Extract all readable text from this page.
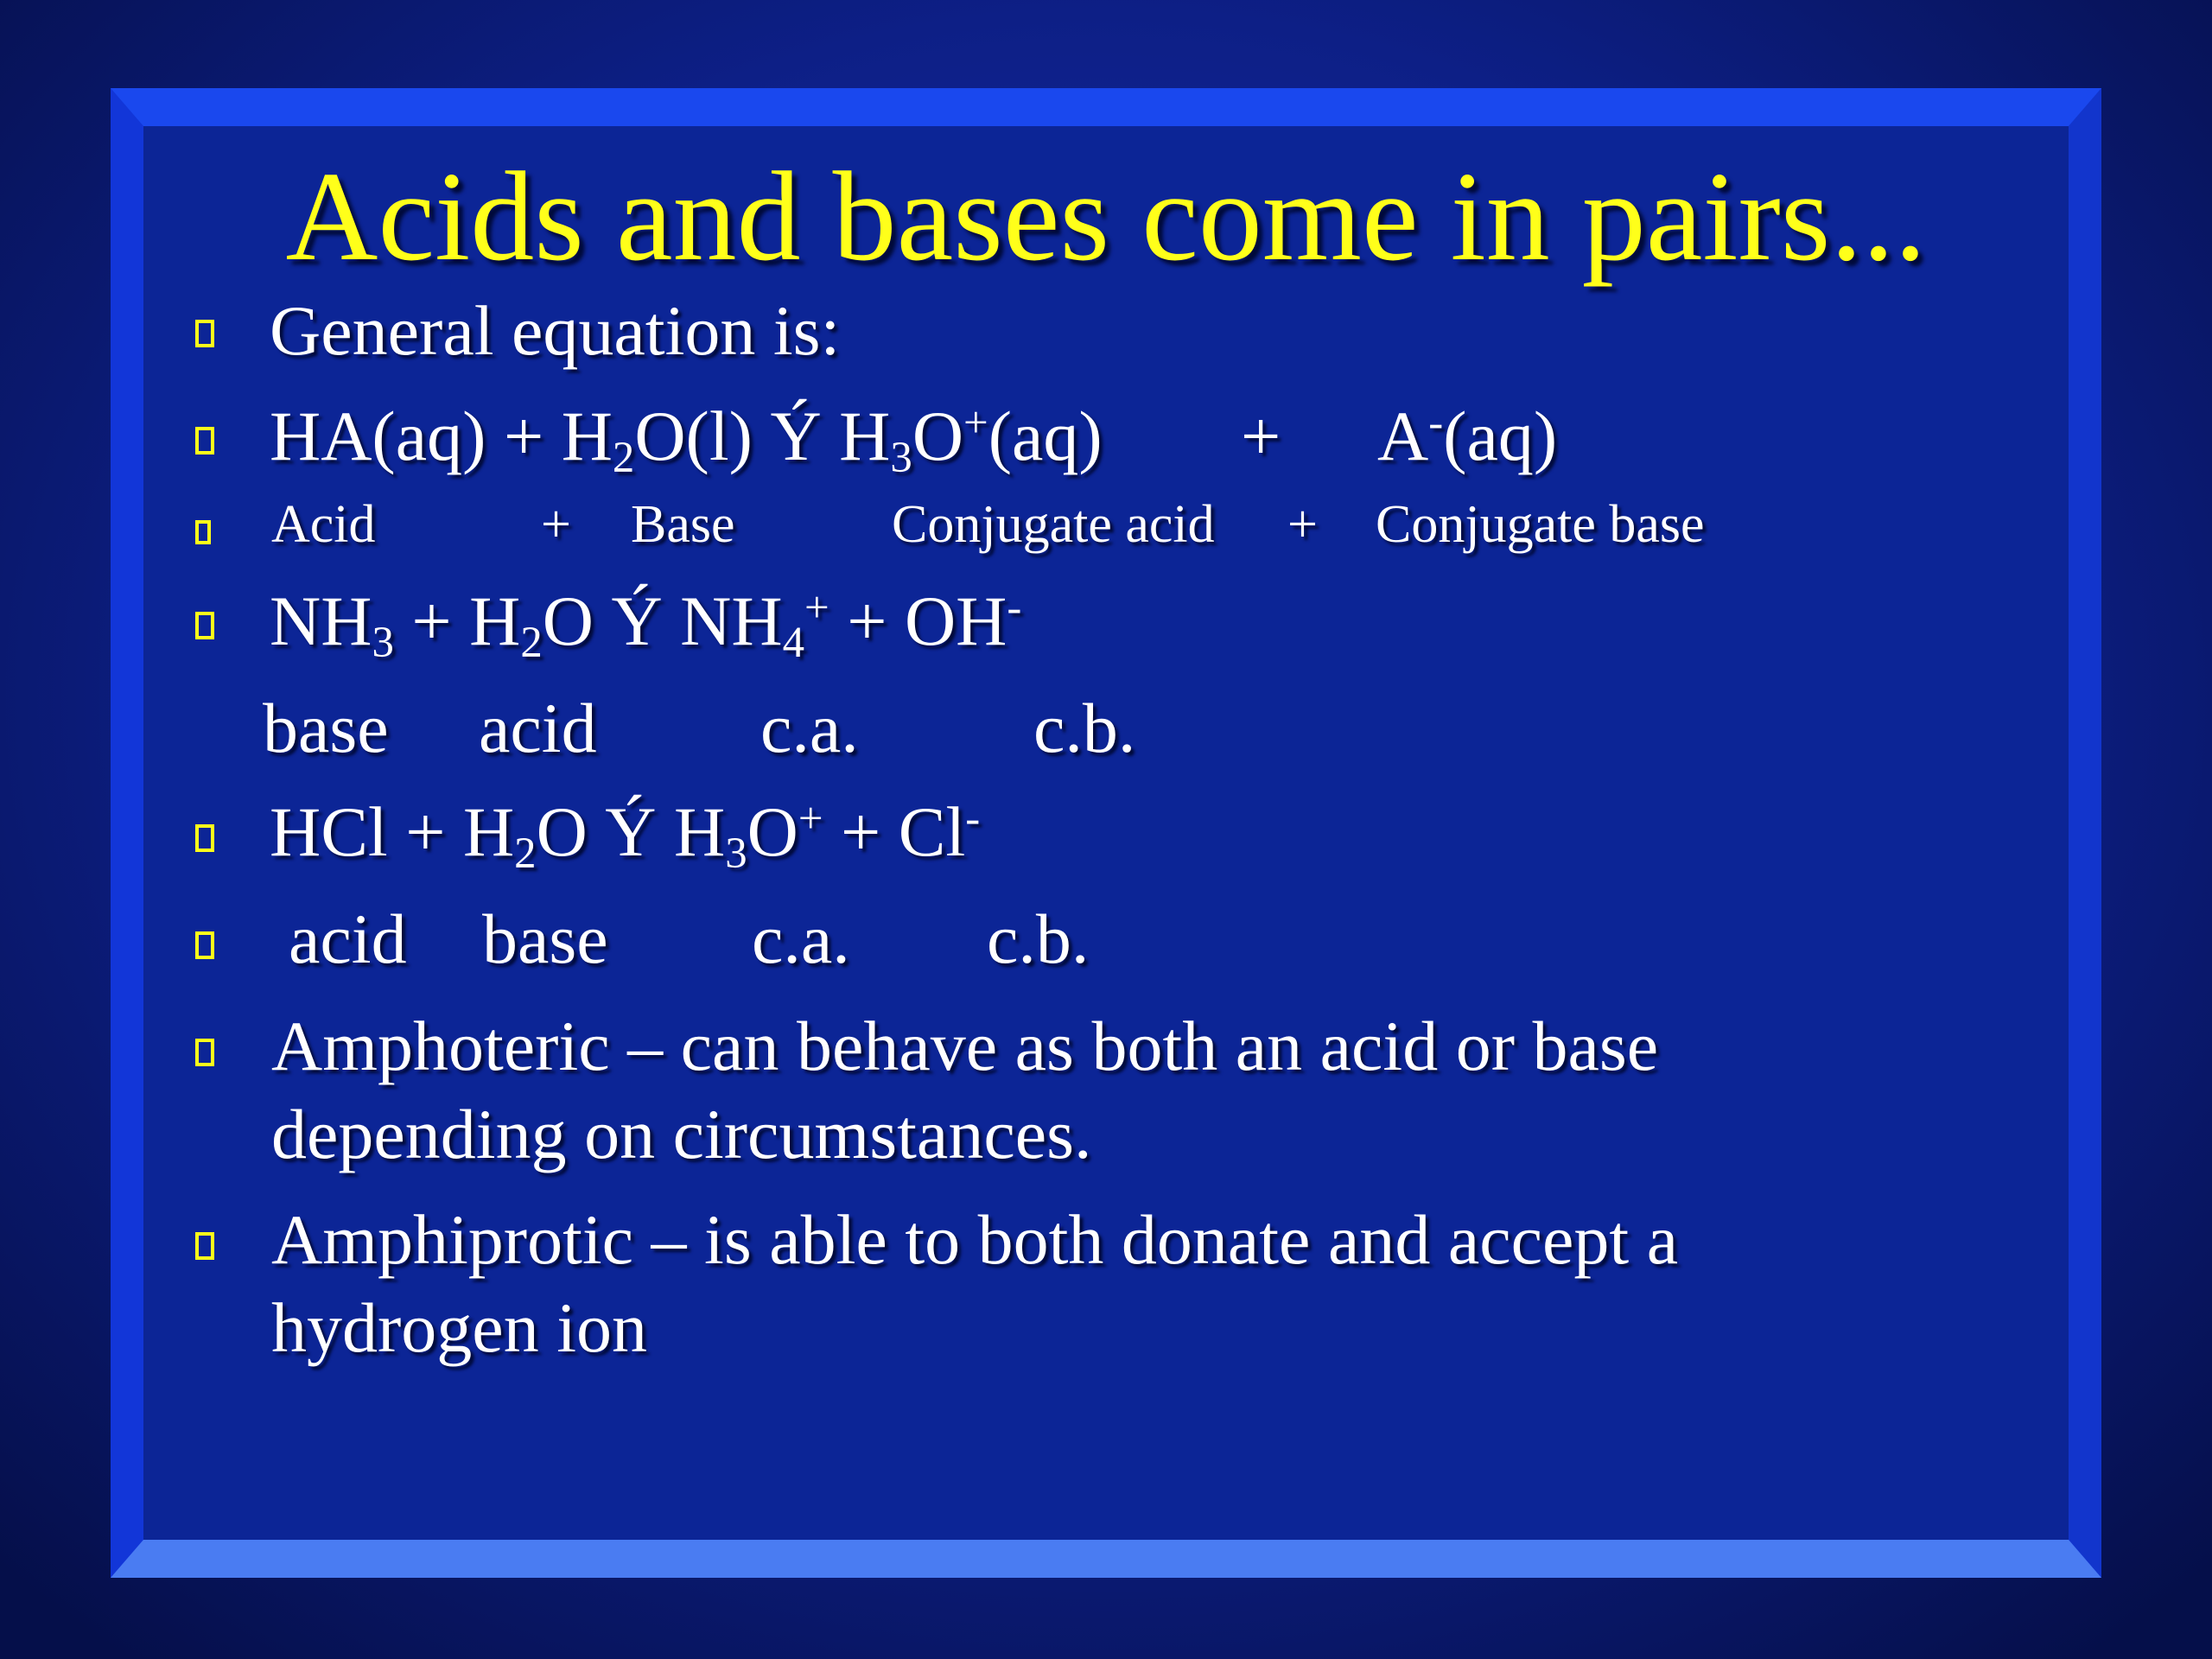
Acids and bases come in pairs...
General equation is:
$HA(aq) + H_2O(l)$ Ý $H_3O^+(aq) + A^-(aq)$
Acid	+ Base	Conjugate acid + Conjugate base
$NH_3 + H_2O$ Ý $NH_4^+ + OH^-$
base acid c.a. c.b.
HCl + $H_2O$ Ý $H_3O^+ + Cl^-$
acid base c.a. c.b.
Amphoteric – can behave as both an acid or base
depending on circumstances.
Amphiprotic – is able to both donate and accept a
hydrogen ion
